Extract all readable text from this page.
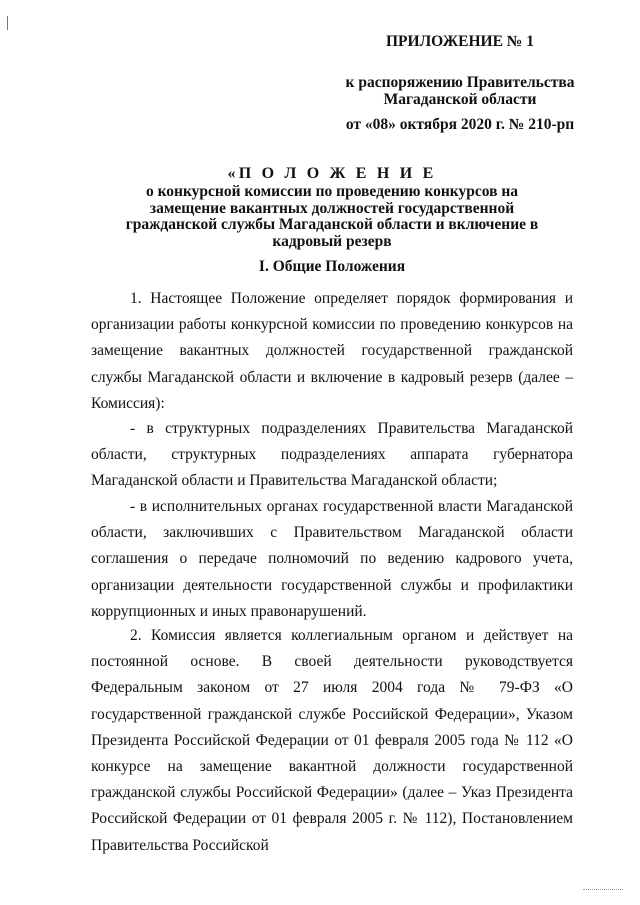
ПРИЛОЖЕНИЕ № 1
к распоряжению Правительства
Магаданской области
от «08» октября 2020 г. № 210-рп

«П О Л О Ж Е Н И Е

о конкурсной комиссии по проведению конкурсов на замещение вакантных должностей государственной гражданской службы Магаданской области и включение в кадровый резерв

I. Общие Положения

1. Настоящее Положение определяет порядок формирования и организации работы конкурсной комиссии по проведению конкурсов на замещение вакантных должностей государственной гражданской службы Магаданской области и включение в кадровый резерв (далее – Комиссия):

- в структурных подразделениях Правительства Магаданской области, структурных подразделениях аппарата губернатора Магаданской области и Правительства Магаданской области;

- в исполнительных органах государственной власти Магаданской области, заключивших с Правительством Магаданской области соглашения о передаче полномочий по ведению кадрового учета, организации деятельности государственной службы и профилактики коррупционных и иных правонарушений.

2. Комиссия является коллегиальным органом и действует на постоянной основе. В своей деятельности руководствуется Федеральным законом от 27 июля 2004 года № 79-ФЗ «О государственной гражданской службе Российской Федерации», Указом Президента Российской Федерации от 01 февраля 2005 года № 112 «О конкурсе на замещение вакантной должности государственной гражданской службы Российской Федерации» (далее – Указ Президента Российской Федерации от 01 февраля 2005 г. № 112), Постановлением Правительства Российской
